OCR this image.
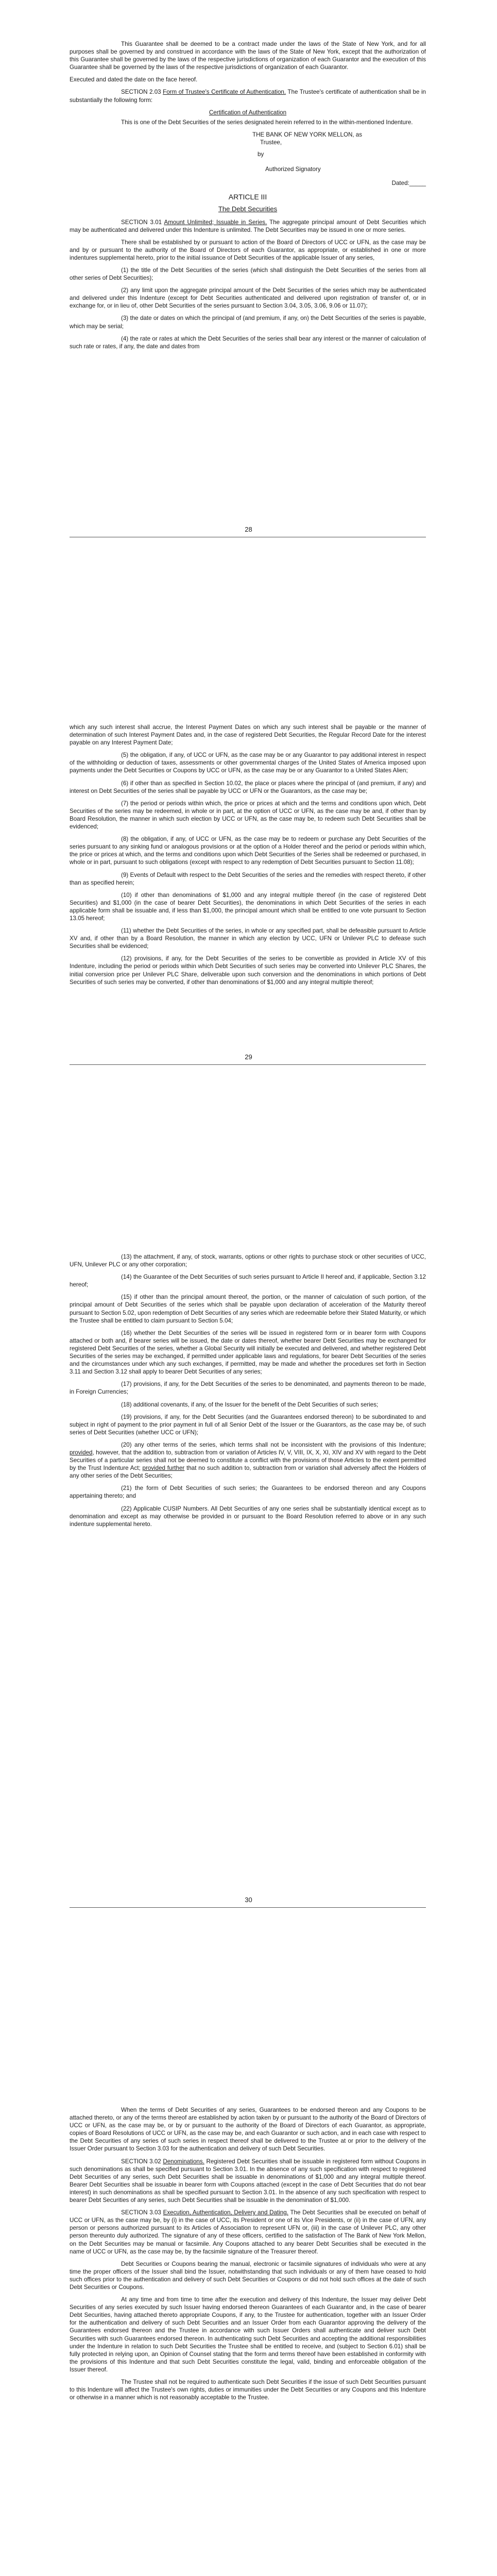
This Guarantee shall be deemed to be a contract made under the laws of the State of New York, and for all purposes shall be governed by and construed in accordance with the laws of the State of New York, except that the authorization of this Guarantee shall be governed by the laws of the respective jurisdictions of organization of each Guarantor and the execution of this Guarantee shall be governed by the laws of the respective jurisdictions of organization of each Guarantor.

Executed and dated the date on the face hereof.

SECTION 2.03 Form of Trustee's Certificate of Authentication. The Trustee's certificate of authentication shall be in substantially the following form:

Certification of Authentication

This is one of the Debt Securities of the series designated herein referred to in the within-mentioned Indenture.

THE BANK OF NEW YORK MELLON, as
Trustee,
by
Authorized Signatory
Dated:_____
ARTICLE III
The Debt Securities

SECTION 3.01 Amount Unlimited; Issuable in Series. The aggregate principal amount of Debt Securities which may be authenticated and delivered under this Indenture is unlimited. The Debt Securities may be issued in one or more series.

There shall be established by or pursuant to action of the Board of Directors of UCC or UFN, as the case may be and by or pursuant to the authority of the Board of Directors of each Guarantor, as appropriate, or established in one or more indentures supplemental hereto, prior to the initial issuance of Debt Securities of the applicable Issuer of any series,

(1) the title of the Debt Securities of the series (which shall distinguish the Debt Securities of the series from all other series of Debt Securities);

(2) any limit upon the aggregate principal amount of the Debt Securities of the series which may be authenticated and delivered under this Indenture (except for Debt Securities authenticated and delivered upon registration of transfer of, or in exchange for, or in lieu of, other Debt Securities of the series pursuant to Section 3.04, 3.05, 3.06, 9.06 or 11.07);

(3) the date or dates on which the principal of (and premium, if any, on) the Debt Securities of the series is payable, which may be serial;

(4) the rate or rates at which the Debt Securities of the series shall bear any interest or the manner of calculation of such rate or rates, if any, the date and dates from

28

which any such interest shall accrue, the Interest Payment Dates on which any such interest shall be payable or the manner of determination of such Interest Payment Dates and, in the case of registered Debt Securities, the Regular Record Date for the interest payable on any Interest Payment Date;

(5) the obligation, if any, of UCC or UFN, as the case may be or any Guarantor to pay additional interest in respect of the withholding or deduction of taxes, assessments or other governmental charges of the United States of America imposed upon payments under the Debt Securities or Coupons by UCC or UFN, as the case may be or any Guarantor to a United States Alien;

(6) if other than as specified in Section 10.02, the place or places where the principal of (and premium, if any) and interest on Debt Securities of the series shall be payable by UCC or UFN or the Guarantors, as the case may be;

(7) the period or periods within which, the price or prices at which and the terms and conditions upon which, Debt Securities of the series may be redeemed, in whole or in part, at the option of UCC or UFN, as the case may be and, if other than by Board Resolution, the manner in which such election by UCC or UFN, as the case may be, to redeem such Debt Securities shall be evidenced;

(8) the obligation, if any, of UCC or UFN, as the case may be to redeem or purchase any Debt Securities of the series pursuant to any sinking fund or analogous provisions or at the option of a Holder thereof and the period or periods within which, the price or prices at which, and the terms and conditions upon which Debt Securities of the Series shall be redeemed or purchased, in whole or in part, pursuant to such obligations (except with respect to any redemption of Debt Securities pursuant to Section 11.08);

(9) Events of Default with respect to the Debt Securities of the series and the remedies with respect thereto, if other than as specified herein;

(10) if other than denominations of $1,000 and any integral multiple thereof (in the case of registered Debt Securities) and $1,000 (in the case of bearer Debt Securities), the denominations in which Debt Securities of the series in each applicable form shall be issuable and, if less than $1,000, the principal amount which shall be entitled to one vote pursuant to Section 13.05 hereof;

(11) whether the Debt Securities of the series, in whole or any specified part, shall be defeasible pursuant to Article XV and, if other than by a Board Resolution, the manner in which any election by UCC, UFN or Unilever PLC to defease such Securities shall be evidenced;

(12) provisions, if any, for the Debt Securities of the series to be convertible as provided in Article XV of this Indenture, including the period or periods within which Debt Securities of such series may be converted into Unilever PLC Shares, the initial conversion price per Unilever PLC Share, deliverable upon such conversion and the denominations in which portions of Debt Securities of such series may be converted, if other than denominations of $1,000 and any integral multiple thereof;

29

(13) the attachment, if any, of stock, warrants, options or other rights to purchase stock or other securities of UCC, UFN, Unilever PLC or any other corporation;

(14) the Guarantee of the Debt Securities of such series pursuant to Article II hereof and, if applicable, Section 3.12 hereof;

(15) if other than the principal amount thereof, the portion, or the manner of calculation of such portion, of the principal amount of Debt Securities of the series which shall be payable upon declaration of acceleration of the Maturity thereof pursuant to Section 5.02, upon redemption of Debt Securities of any series which are redeemable before their Stated Maturity, or which the Trustee shall be entitled to claim pursuant to Section 5.04;

(16) whether the Debt Securities of the series will be issued in registered form or in bearer form with Coupons attached or both and, if bearer series will be issued, the date or dates thereof, whether bearer Debt Securities may be exchanged for registered Debt Securities of the series, whether a Global Security will initially be executed and delivered, and whether registered Debt Securities of the series may be exchanged, if permitted under applicable laws and regulations, for bearer Debt Securities of the series and the circumstances under which any such exchanges, if permitted, may be made and whether the procedures set forth in Section 3.11 and Section 3.12 shall apply to bearer Debt Securities of any series;

(17) provisions, if any, for the Debt Securities of the series to be denominated, and payments thereon to be made, in Foreign Currencies;

(18) additional covenants, if any, of the Issuer for the benefit of the Debt Securities of such series;

(19) provisions, if any, for the Debt Securities (and the Guarantees endorsed thereon) to be subordinated to and subject in right of payment to the prior payment in full of all Senior Debt of the Issuer or the Guarantors, as the case may be, of such series of Debt Securities (whether UCC or UFN);

(20) any other terms of the series, which terms shall not be inconsistent with the provisions of this Indenture; provided, however, that the addition to, subtraction from or variation of Articles IV, V, VIII, IX, X, XI, XIV and XV with regard to the Debt Securities of a particular series shall not be deemed to constitute a conflict with the provisions of those Articles to the extent permitted by the Trust Indenture Act; provided further that no such addition to, subtraction from or variation shall adversely affect the Holders of any other series of the Debt Securities;

(21) the form of Debt Securities of such series; the Guarantees to be endorsed thereon and any Coupons appertaining thereto; and

(22) Applicable CUSIP Numbers. All Debt Securities of any one series shall be substantially identical except as to denomination and except as may otherwise be provided in or pursuant to the Board Resolution referred to above or in any such indenture supplemental hereto.

30

When the terms of Debt Securities of any series, Guarantees to be endorsed thereon and any Coupons to be attached thereto, or any of the terms thereof are established by action taken by or pursuant to the authority of the Board of Directors of UCC or UFN, as the case may be, or by or pursuant to the authority of the Board of Directors of each Guarantor, as appropriate, copies of Board Resolutions of UCC or UFN, as the case may be, and each Guarantor or such action, and in each case with respect to the Debt Securities of any series of such series in respect thereof shall be delivered to the Trustee at or prior to the delivery of the Issuer Order pursuant to Section 3.03 for the authentication and delivery of such Debt Securities.

SECTION 3.02 Denominations. Registered Debt Securities shall be issuable in registered form without Coupons in such denominations as shall be specified pursuant to Section 3.01. In the absence of any such specification with respect to registered Debt Securities of any series, such Debt Securities shall be issuable in denominations of $1,000 and any integral multiple thereof. Bearer Debt Securities shall be issuable in bearer form with Coupons attached (except in the case of Debt Securities that do not bear interest) in such denominations as shall be specified pursuant to Section 3.01. In the absence of any such specification with respect to bearer Debt Securities of any series, such Debt Securities shall be issuable in the denomination of $1,000.

SECTION 3.03 Execution, Authentication, Delivery and Dating. The Debt Securities shall be executed on behalf of UCC or UFN, as the case may be, by (i) in the case of UCC, its President or one of its Vice Presidents, or (ii) in the case of UFN, any person or persons authorized pursuant to its Articles of Association to represent UFN or, (iii) in the case of Unilever PLC, any other person thereunto duly authorized. The signature of any of these officers, certified to the satisfaction of The Bank of New York Mellon, on the Debt Securities may be manual or facsimile. Any Coupons attached to any bearer Debt Securities shall be executed in the name of UCC or UFN, as the case may be, by the facsimile signature of the Treasurer thereof.

Debt Securities or Coupons bearing the manual, electronic or facsimile signatures of individuals who were at any time the proper officers of the Issuer shall bind the Issuer, notwithstanding that such individuals or any of them have ceased to hold such offices prior to the authentication and delivery of such Debt Securities or Coupons or did not hold such offices at the date of such Debt Securities or Coupons.

At any time and from time to time after the execution and delivery of this Indenture, the Issuer may deliver Debt Securities of any series executed by such Issuer having endorsed thereon Guarantees of each Guarantor and, in the case of bearer Debt Securities, having attached thereto appropriate Coupons, if any, to the Trustee for authentication, together with an Issuer Order for the authentication and delivery of such Debt Securities and an Issuer Order from each Guarantor approving the delivery of the Guarantees endorsed thereon and the Trustee in accordance with such Issuer Orders shall authenticate and deliver such Debt Securities with such Guarantees endorsed thereon. In authenticating such Debt Securities and accepting the additional responsibilities under the Indenture in relation to such Debt Securities the Trustee shall be entitled to receive, and (subject to Section 6.01) shall be fully protected in relying upon, an Opinion of Counsel stating that the form and terms thereof have been established in conformity with the provisions of this Indenture and that such Debt Securities constitute the legal, valid, binding and enforceable obligation of the Issuer thereof.

The Trustee shall not be required to authenticate such Debt Securities if the issue of such Debt Securities pursuant to this Indenture will affect the Trustee's own rights, duties or immunities under the Debt Securities or any Coupons and this Indenture or otherwise in a manner which is not reasonably acceptable to the Trustee.
